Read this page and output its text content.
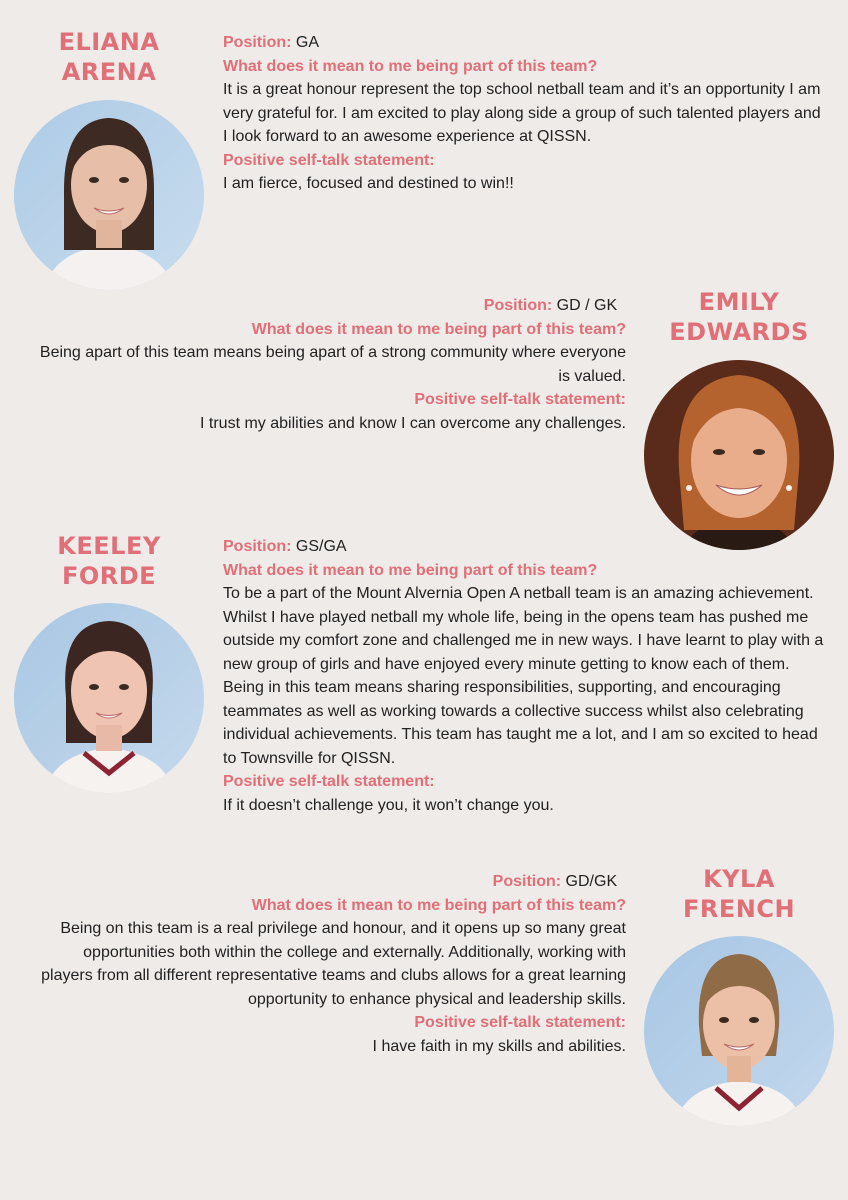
ELIANA
ARENA

Position: GA

What does it mean to me being part of this team?

It is a great honour represent the top school netball team and it’s an opportunity I am very grateful for. I am excited to play along side a group of such talented players and I look forward to an awesome experience at QISSN.

Positive self-talk statement:

I am fierce, focused and destined to win!!

EMILY
EDWARDS

Position: GD / GK

What does it mean to me being part of this team?

Being apart of this team means being apart of a strong community where everyone is valued.

Positive self-talk statement:

I trust my abilities and know I can overcome any challenges.

KEELEY
FORDE

Position: GS/GA

What does it mean to me being part of this team?

To be a part of the Mount Alvernia Open A netball team is an amazing achievement. Whilst I have played netball my whole life, being in the opens team has pushed me outside my comfort zone and challenged me in new ways. I have learnt to play with a new group of girls and have enjoyed every minute getting to know each of them. Being in this team means sharing responsibilities, supporting, and encouraging teammates as well as working towards a collective success whilst also celebrating individual achievements. This team has taught me a lot, and I am so excited to head to Townsville for QISSN.

Positive self-talk statement:

If it doesn’t challenge you, it won’t change you.

KYLA
FRENCH

Position: GD/GK

What does it mean to me being part of this team?

Being on this team is a real privilege and honour, and it opens up so many great opportunities both within the college and externally. Additionally, working with players from all different representative teams and clubs allows for a great learning opportunity to enhance physical and leadership skills.

Positive self-talk statement:

I have faith in my skills and abilities.
